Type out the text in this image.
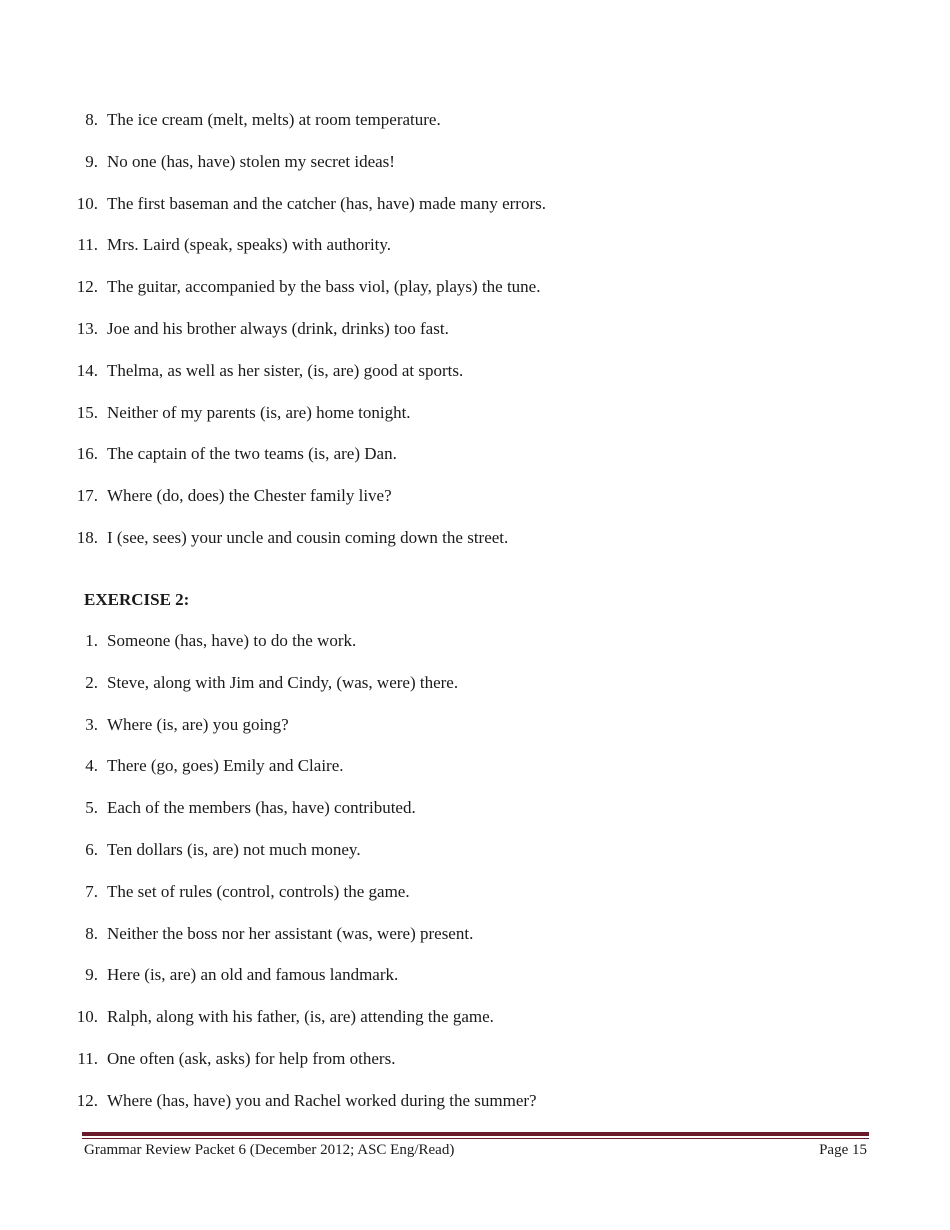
8. The ice cream (melt, melts) at room temperature.
9. No one (has, have) stolen my secret ideas!
10. The first baseman and the catcher (has, have) made many errors.
11. Mrs. Laird (speak, speaks) with authority.
12. The guitar, accompanied by the bass viol, (play, plays) the tune.
13. Joe and his brother always (drink, drinks) too fast.
14. Thelma, as well as her sister, (is, are) good at sports.
15. Neither of my parents (is, are) home tonight.
16. The captain of the two teams (is, are) Dan.
17. Where (do, does) the Chester family live?
18. I (see, sees) your uncle and cousin coming down the street.
EXERCISE 2:
1. Someone (has, have) to do the work.
2. Steve, along with Jim and Cindy, (was, were) there.
3. Where (is, are) you going?
4. There (go, goes) Emily and Claire.
5. Each of the members (has, have) contributed.
6. Ten dollars (is, are) not much money.
7. The set of rules (control, controls) the game.
8. Neither the boss nor her assistant (was, were) present.
9. Here (is, are) an old and famous landmark.
10. Ralph, along with his father, (is, are) attending the game.
11. One often (ask, asks) for help from others.
12. Where (has, have) you and Rachel worked during the summer?
Grammar Review Packet 6 (December 2012; ASC Eng/Read)	Page 15
